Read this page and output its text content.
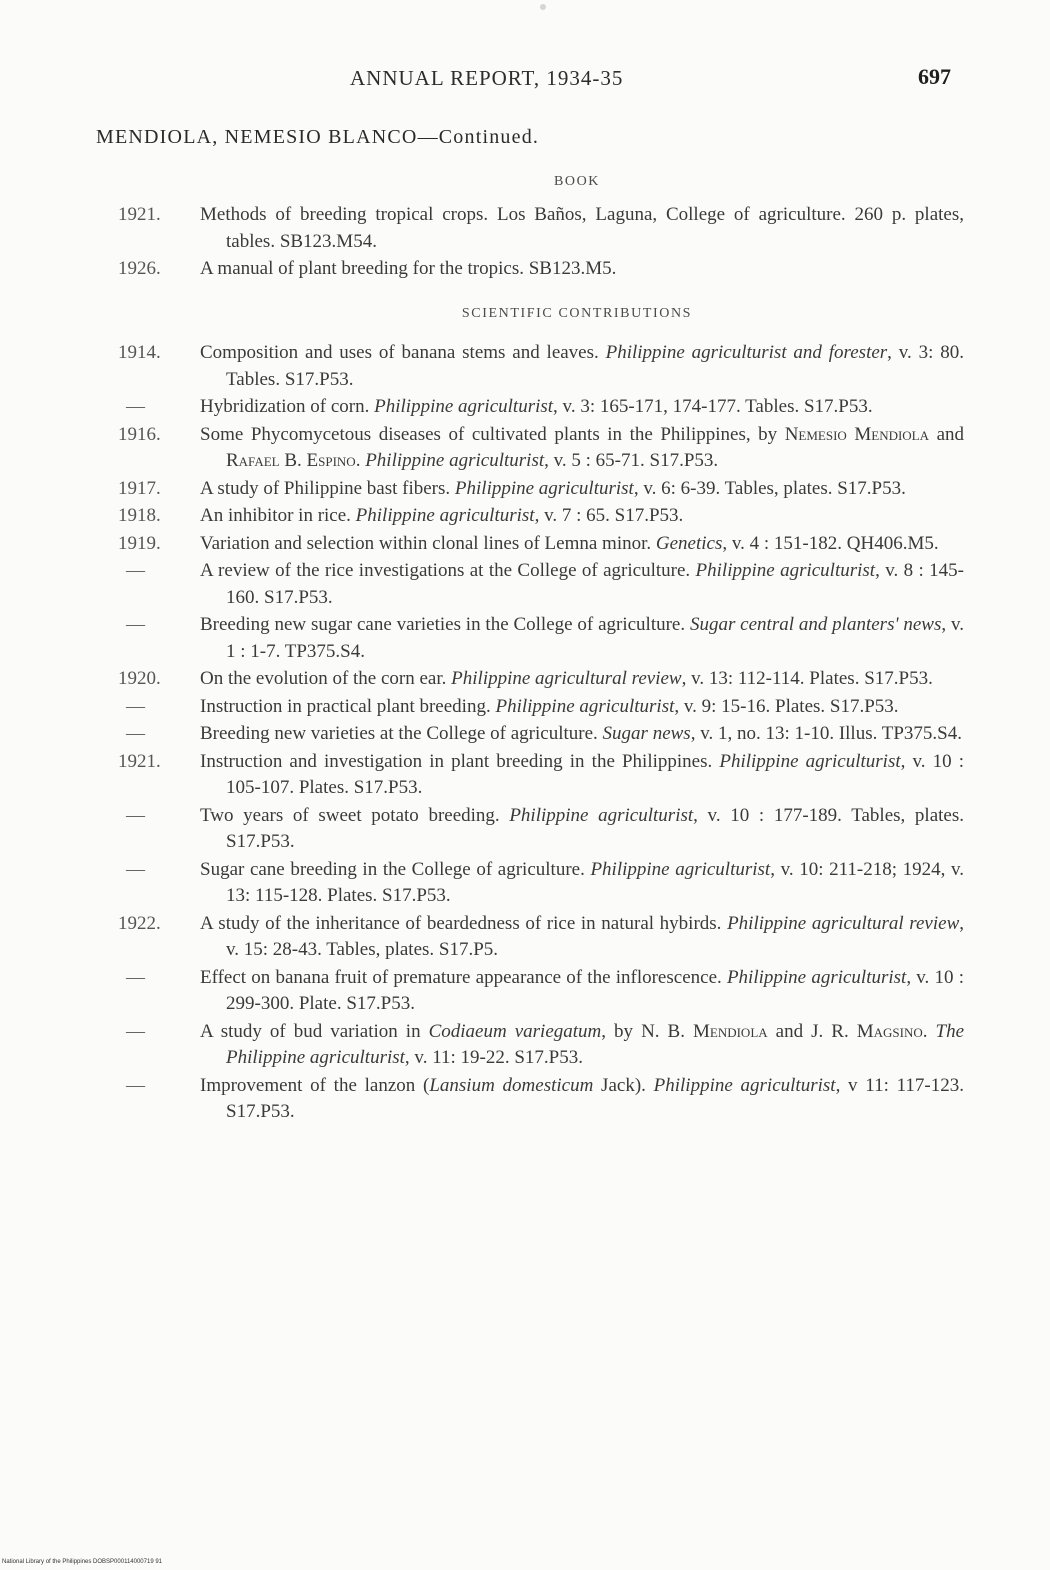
ANNUAL REPORT, 1934-35	697
MENDIOLA, NEMESIO BLANCO—Continued.
BOOK
1921.	Methods of breeding tropical crops. Los Baños, Laguna, College of agriculture. 260 p. plates, tables. SB123.M54.
1926.	A manual of plant breeding for the tropics. SB123.M5.
SCIENTIFIC CONTRIBUTIONS
1914.	Composition and uses of banana stems and leaves. Philippine agriculturist and forester, v. 3: 80. Tables. S17.P53.
—	Hybridization of corn. Philippine agriculturist, v. 3: 165-171, 174-177. Tables. S17.P53.
1916.	Some Phycomycetous diseases of cultivated plants in the Philippines, by Nemesio Mendiola and Rafael B. Espino. Philippine agriculturist, v. 5 : 65-71. S17.P53.
1917.	A study of Philippine bast fibers. Philippine agriculturist, v. 6: 6-39. Tables, plates. S17.P53.
1918.	An inhibitor in rice. Philippine agriculturist, v. 7 : 65. S17.P53.
1919.	Variation and selection within clonal lines of Lemna minor. Genetics, v. 4 : 151-182. QH406.M5.
—	A review of the rice investigations at the College of agriculture. Philippine agriculturist, v. 8 : 145-160. S17.P53.
—	Breeding new sugar cane varieties in the College of agriculture. Sugar central and planters' news, v. 1 : 1-7. TP375.S4.
1920.	On the evolution of the corn ear. Philippine agricultural review, v. 13: 112-114. Plates. S17.P53.
—	Instruction in practical plant breeding. Philippine agriculturist, v. 9: 15-16. Plates. S17.P53.
—	Breeding new varieties at the College of agriculture. Sugar news, v. 1, no. 13: 1-10. Illus. TP375.S4.
1921.	Instruction and investigation in plant breeding in the Philippines. Philippine agriculturist, v. 10 : 105-107. Plates. S17.P53.
—	Two years of sweet potato breeding. Philippine agriculturist, v. 10 : 177-189. Tables, plates. S17.P53.
—	Sugar cane breeding in the College of agriculture. Philippine agriculturist, v. 10: 211-218; 1924, v. 13: 115-128. Plates. S17.P53.
1922.	A study of the inheritance of beardedness of rice in natural hybirds. Philippine agricultural review, v. 15: 28-43. Tables, plates. S17.P5.
—	Effect on banana fruit of premature appearance of the inflorescence. Philippine agriculturist, v. 10 : 299-300. Plate. S17.P53.
—	A study of bud variation in Codiaeum variegatum, by N. B. Mendiola and J. R. Magsino. The Philippine agriculturist, v. 11: 19-22. S17.P53.
—	Improvement of the lanzon (Lansium domesticum Jack). Philippine agriculturist, v 11: 117-123. S17.P53.
National Library of the Philippines DOBSP000114000719 91
